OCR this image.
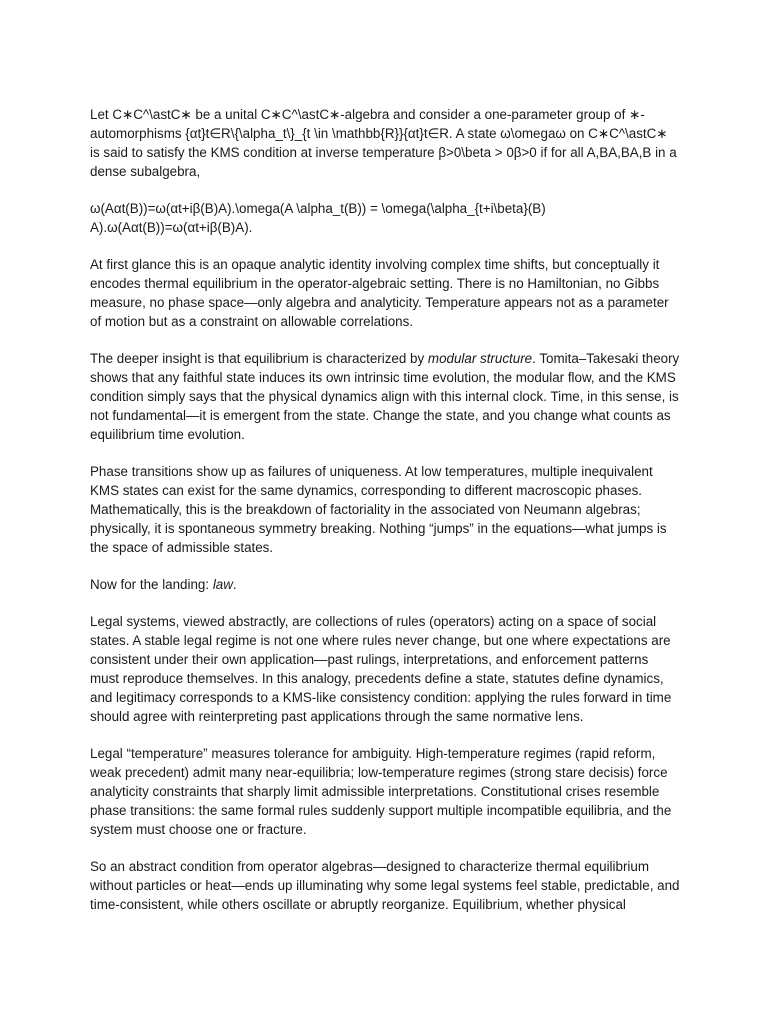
Let C∗C^\astC∗ be a unital C∗C^\astC∗-algebra and consider a one-parameter group of ∗-automorphisms {αt}t∈R\{\alpha_t\}_{t \in \mathbb{R}}{αt}t∈R. A state ω\omegaω on C∗C^\astC∗ is said to satisfy the KMS condition at inverse temperature β>0\beta > 0β>0 if for all A,BA,BA,B in a dense subalgebra,

ω(Aαt(B))=ω(αt+iβ(B)A).\omega(A \alpha_t(B)) = \omega(\alpha_{t+i\beta}(B) A).ω(Aαt(B))=ω(αt+iβ(B)A).

At first glance this is an opaque analytic identity involving complex time shifts, but conceptually it encodes thermal equilibrium in the operator-algebraic setting. There is no Hamiltonian, no Gibbs measure, no phase space—only algebra and analyticity. Temperature appears not as a parameter of motion but as a constraint on allowable correlations.

The deeper insight is that equilibrium is characterized by modular structure. Tomita–Takesaki theory shows that any faithful state induces its own intrinsic time evolution, the modular flow, and the KMS condition simply says that the physical dynamics align with this internal clock. Time, in this sense, is not fundamental—it is emergent from the state. Change the state, and you change what counts as equilibrium time evolution.

Phase transitions show up as failures of uniqueness. At low temperatures, multiple inequivalent KMS states can exist for the same dynamics, corresponding to different macroscopic phases. Mathematically, this is the breakdown of factoriality in the associated von Neumann algebras; physically, it is spontaneous symmetry breaking. Nothing “jumps” in the equations—what jumps is the space of admissible states.

Now for the landing: law.

Legal systems, viewed abstractly, are collections of rules (operators) acting on a space of social states. A stable legal regime is not one where rules never change, but one where expectations are consistent under their own application—past rulings, interpretations, and enforcement patterns must reproduce themselves. In this analogy, precedents define a state, statutes define dynamics, and legitimacy corresponds to a KMS-like consistency condition: applying the rules forward in time should agree with reinterpreting past applications through the same normative lens.

Legal “temperature” measures tolerance for ambiguity. High-temperature regimes (rapid reform, weak precedent) admit many near-equilibria; low-temperature regimes (strong stare decisis) force analyticity constraints that sharply limit admissible interpretations. Constitutional crises resemble phase transitions: the same formal rules suddenly support multiple incompatible equilibria, and the system must choose one or fracture.

So an abstract condition from operator algebras—designed to characterize thermal equilibrium without particles or heat—ends up illuminating why some legal systems feel stable, predictable, and time-consistent, while others oscillate or abruptly reorganize. Equilibrium, whether physical
